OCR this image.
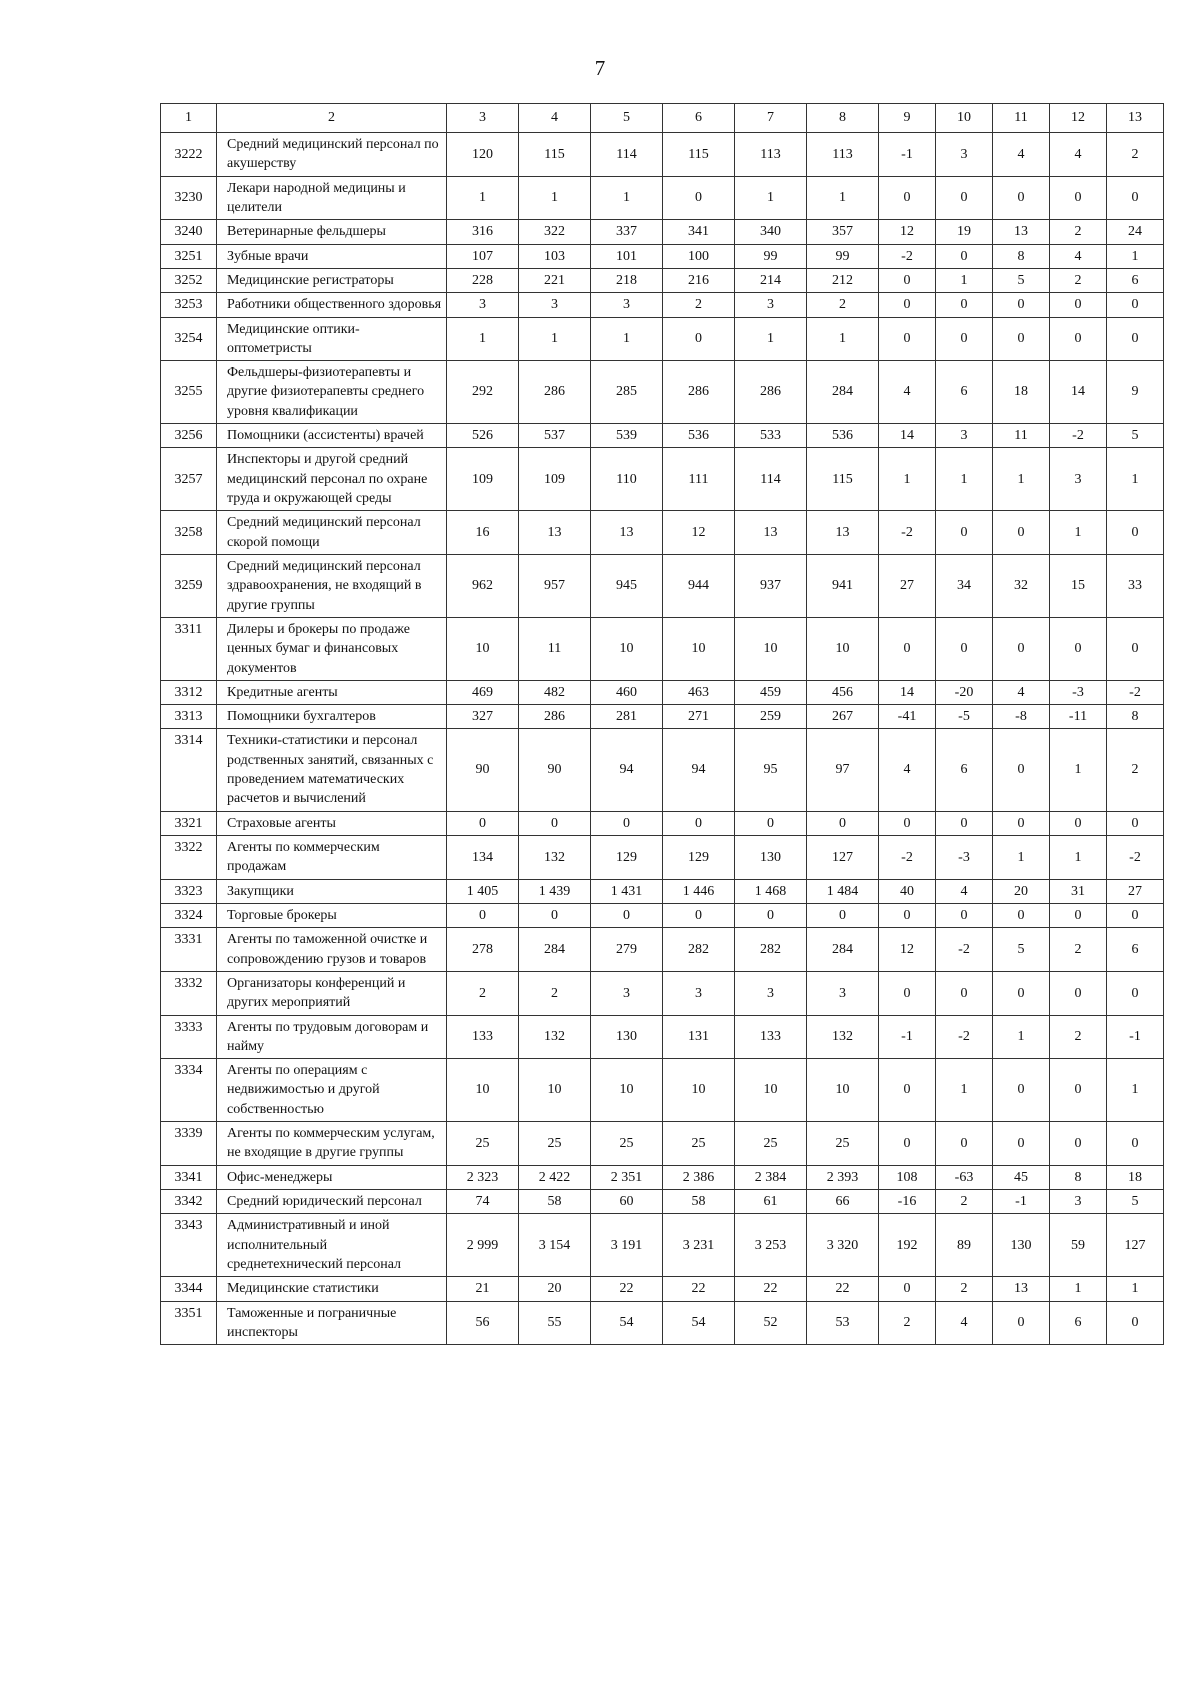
7
1	2	3	4	5	6	7	8	9	10	11	12	13
3222	Средний медицинский персонал по акушерству	120	115	114	115	113	113	-1	3	4	4	2
3230	Лекари народной медицины и целители	1	1	1	0	1	1	0	0	0	0	0
3240	Ветеринарные фельдшеры	316	322	337	341	340	357	12	19	13	2	24
3251	Зубные врачи	107	103	101	100	99	99	-2	0	8	4	1
3252	Медицинские регистраторы	228	221	218	216	214	212	0	1	5	2	6
3253	Работники общественного здоровья	3	3	3	2	3	2	0	0	0	0	0
3254	Медицинские оптики-оптометристы	1	1	1	0	1	1	0	0	0	0	0
3255	Фельдшеры-физиотерапевты и другие физиотерапевты среднего уровня квалификации	292	286	285	286	286	284	4	6	18	14	9
3256	Помощники (ассистенты) врачей	526	537	539	536	533	536	14	3	11	-2	5
3257	Инспекторы и другой средний медицинский персонал по охране труда и окружающей среды	109	109	110	111	114	115	1	1	1	3	1
3258	Средний медицинский персонал скорой помощи	16	13	13	12	13	13	-2	0	0	1	0
3259	Средний медицинский персонал здравоохранения, не входящий в другие группы	962	957	945	944	937	941	27	34	32	15	33
3311	Дилеры и брокеры по продаже ценных бумаг и финансовых документов	10	11	10	10	10	10	0	0	0	0	0
3312	Кредитные агенты	469	482	460	463	459	456	14	-20	4	-3	-2
3313	Помощники бухгалтеров	327	286	281	271	259	267	-41	-5	-8	-11	8
3314	Техники-статистики и персонал родственных занятий, связанных с проведением математических расчетов и вычислений	90	90	94	94	95	97	4	6	0	1	2
3321	Страховые агенты	0	0	0	0	0	0	0	0	0	0	0
3322	Агенты по коммерческим продажам	134	132	129	129	130	127	-2	-3	1	1	-2
3323	Закупщики	1 405	1 439	1 431	1 446	1 468	1 484	40	4	20	31	27
3324	Торговые брокеры	0	0	0	0	0	0	0	0	0	0	0
3331	Агенты по таможенной очистке и сопровождению грузов и товаров	278	284	279	282	282	284	12	-2	5	2	6
3332	Организаторы конференций и других мероприятий	2	2	3	3	3	3	0	0	0	0	0
3333	Агенты по трудовым договорам и найму	133	132	130	131	133	132	-1	-2	1	2	-1
3334	Агенты по операциям с недвижимостью и другой собственностью	10	10	10	10	10	10	0	1	0	0	1
3339	Агенты по коммерческим услугам, не входящие в другие группы	25	25	25	25	25	25	0	0	0	0	0
3341	Офис-менеджеры	2 323	2 422	2 351	2 386	2 384	2 393	108	-63	45	8	18
3342	Средний юридический персонал	74	58	60	58	61	66	-16	2	-1	3	5
3343	Административный и иной исполнительный среднетехнический персонал	2 999	3 154	3 191	3 231	3 253	3 320	192	89	130	59	127
3344	Медицинские статистики	21	20	22	22	22	22	0	2	13	1	1
3351	Таможенные и пограничные инспекторы	56	55	54	54	52	53	2	4	0	6	0
